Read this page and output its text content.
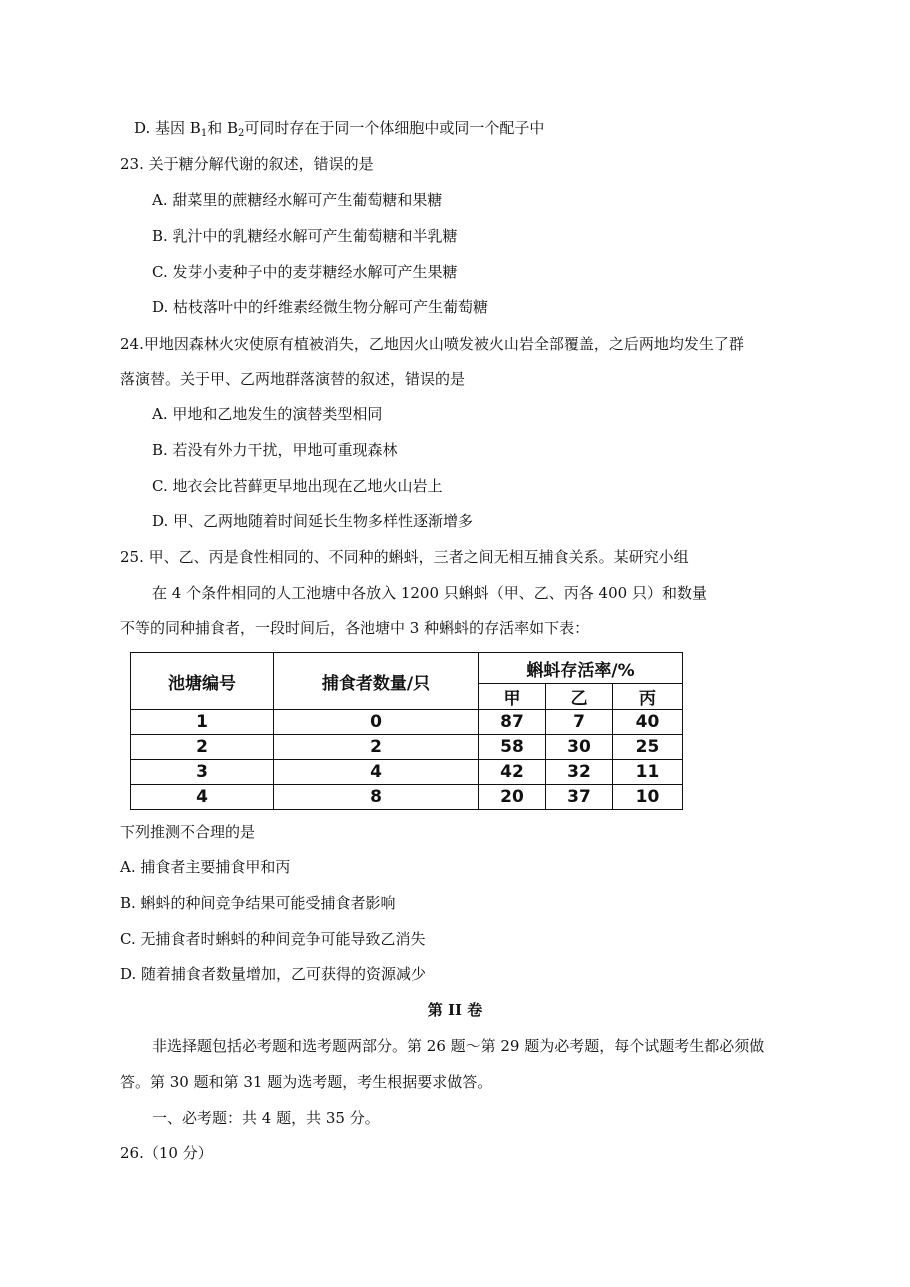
D. 基因 $B_1$和 $B_2$可同时存在于同一个体细胞中或同一个配子中
23. 关于糖分解代谢的叙述，错误的是
A. 甜菜里的蔗糖经水解可产生葡萄糖和果糖
B. 乳汁中的乳糖经水解可产生葡萄糖和半乳糖
C. 发芽小麦种子中的麦芽糖经水解可产生果糖
D. 枯枝落叶中的纤维素经微生物分解可产生葡萄糖
24.甲地因森林火灾使原有植被消失，乙地因火山喷发被火山岩全部覆盖，之后两地均发生了群
落演替。关于甲、乙两地群落演替的叙述，错误的是
A. 甲地和乙地发生的演替类型相同
B. 若没有外力干扰，甲地可重现森林
C. 地衣会比苔藓更早地出现在乙地火山岩上
D. 甲、乙两地随着时间延长生物多样性逐渐增多
25. 甲、乙、丙是食性相同的、不同种的蝌蚪，三者之间无相互捕食关系。某研究小组
在 4 个条件相同的人工池塘中各放入 1200 只蝌蚪（甲、乙、丙各 400 只）和数量
不等的同种捕食者，一段时间后，各池塘中 3 种蝌蚪的存活率如下表：
池塘编号	捕食者数量/只	蝌蚪存活率/%		
		甲	乙	丙
1	0	87	7	40
2	2	58	30	25
3	4	42	32	11
4	8	20	37	10
下列推测不合理的是
A. 捕食者主要捕食甲和丙
B. 蝌蚪的种间竞争结果可能受捕食者影响
C. 无捕食者时蝌蚪的种间竞争可能导致乙消失
D. 随着捕食者数量增加，乙可获得的资源减少
第 II 卷
非选择题包括必考题和选考题两部分。第 26 题～第 29 题为必考题，每个试题考生都必须做
答。第 30 题和第 31 题为选考题，考生根据要求做答。
一、必考题：共 4 题，共 35 分。
26.（10 分）
